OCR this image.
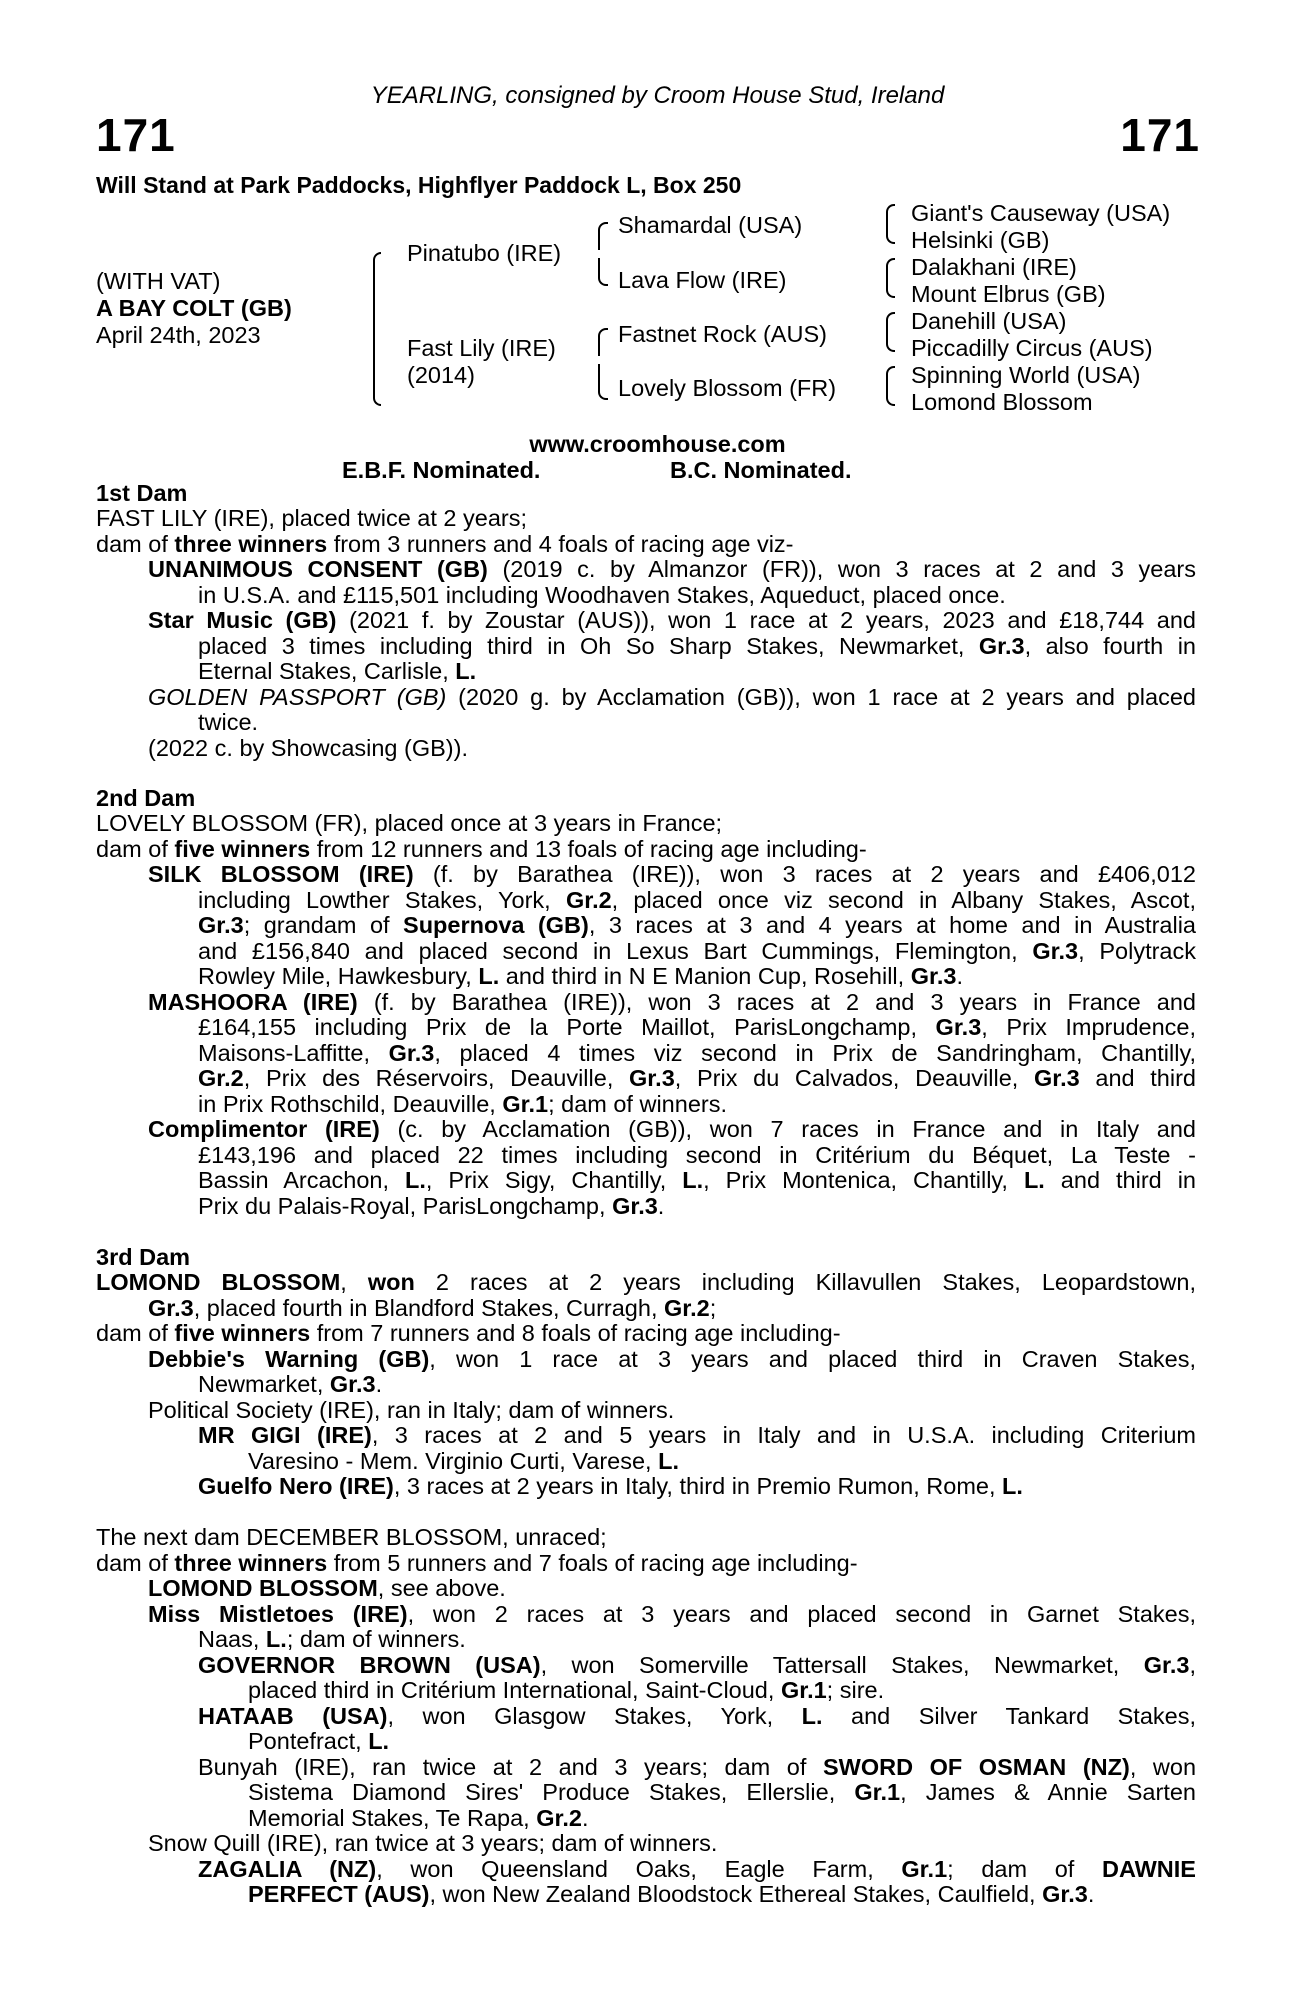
171	171
YEARLING, consigned by Croom House Stud, Ireland
Will Stand at Park Paddocks, Highflyer Paddock L, Box 250
(WITH VAT)
A BAY COLT (GB)
April 24th, 2023
Pinatubo (IRE)
Fast Lily (IRE)
(2014)
Shamardal (USA)
Lava Flow (IRE)
Fastnet Rock (AUS)
Lovely Blossom (FR)
Giant's Causeway (USA)
Helsinki (GB)
Dalakhani (IRE)
Mount Elbrus (GB)
Danehill (USA)
Piccadilly Circus (AUS)
Spinning World (USA)
Lomond Blossom
www.croomhouse.com
E.B.F. Nominated.	B.C. Nominated.
1st Dam
FAST LILY (IRE), placed twice at 2 years;
dam of three winners from 3 runners and 4 foals of racing age viz-
UNANIMOUS CONSENT (GB) (2019 c. by Almanzor (FR)), won 3 races at 2 and 3 years
in U.S.A. and £115,501 including Woodhaven Stakes, Aqueduct, placed once.
Star Music (GB) (2021 f. by Zoustar (AUS)), won 1 race at 2 years, 2023 and £18,744 and
placed 3 times including third in Oh So Sharp Stakes, Newmarket, Gr.3, also fourth in
Eternal Stakes, Carlisle, L.
GOLDEN PASSPORT (GB) (2020 g. by Acclamation (GB)), won 1 race at 2 years and placed
twice.
(2022 c. by Showcasing (GB)).
2nd Dam
LOVELY BLOSSOM (FR), placed once at 3 years in France;
dam of five winners from 12 runners and 13 foals of racing age including-
SILK BLOSSOM (IRE) (f. by Barathea (IRE)), won 3 races at 2 years and £406,012
including Lowther Stakes, York, Gr.2, placed once viz second in Albany Stakes, Ascot,
Gr.3; grandam of Supernova (GB), 3 races at 3 and 4 years at home and in Australia
and £156,840 and placed second in Lexus Bart Cummings, Flemington, Gr.3, Polytrack
Rowley Mile, Hawkesbury, L. and third in N E Manion Cup, Rosehill, Gr.3.
MASHOORA (IRE) (f. by Barathea (IRE)), won 3 races at 2 and 3 years in France and
£164,155 including Prix de la Porte Maillot, ParisLongchamp, Gr.3, Prix Imprudence,
Maisons-Laffitte, Gr.3, placed 4 times viz second in Prix de Sandringham, Chantilly,
Gr.2, Prix des Réservoirs, Deauville, Gr.3, Prix du Calvados, Deauville, Gr.3 and third
in Prix Rothschild, Deauville, Gr.1; dam of winners.
Complimentor (IRE) (c. by Acclamation (GB)), won 7 races in France and in Italy and
£143,196 and placed 22 times including second in Critérium du Béquet, La Teste -
Bassin Arcachon, L., Prix Sigy, Chantilly, L., Prix Montenica, Chantilly, L. and third in
Prix du Palais-Royal, ParisLongchamp, Gr.3.
3rd Dam
LOMOND BLOSSOM, won 2 races at 2 years including Killavullen Stakes, Leopardstown,
Gr.3, placed fourth in Blandford Stakes, Curragh, Gr.2;
dam of five winners from 7 runners and 8 foals of racing age including-
Debbie's Warning (GB), won 1 race at 3 years and placed third in Craven Stakes,
Newmarket, Gr.3.
Political Society (IRE), ran in Italy; dam of winners.
MR GIGI (IRE), 3 races at 2 and 5 years in Italy and in U.S.A. including Criterium
Varesino - Mem. Virginio Curti, Varese, L.
Guelfo Nero (IRE), 3 races at 2 years in Italy, third in Premio Rumon, Rome, L.
The next dam DECEMBER BLOSSOM, unraced;
dam of three winners from 5 runners and 7 foals of racing age including-
LOMOND BLOSSOM, see above.
Miss Mistletoes (IRE), won 2 races at 3 years and placed second in Garnet Stakes,
Naas, L.; dam of winners.
GOVERNOR BROWN (USA), won Somerville Tattersall Stakes, Newmarket, Gr.3,
placed third in Critérium International, Saint-Cloud, Gr.1; sire.
HATAAB (USA), won Glasgow Stakes, York, L. and Silver Tankard Stakes,
Pontefract, L.
Bunyah (IRE), ran twice at 2 and 3 years; dam of SWORD OF OSMAN (NZ), won
Sistema Diamond Sires' Produce Stakes, Ellerslie, Gr.1, James & Annie Sarten
Memorial Stakes, Te Rapa, Gr.2.
Snow Quill (IRE), ran twice at 3 years; dam of winners.
ZAGALIA (NZ), won Queensland Oaks, Eagle Farm, Gr.1; dam of DAWNIE
PERFECT (AUS), won New Zealand Bloodstock Ethereal Stakes, Caulfield, Gr.3.
